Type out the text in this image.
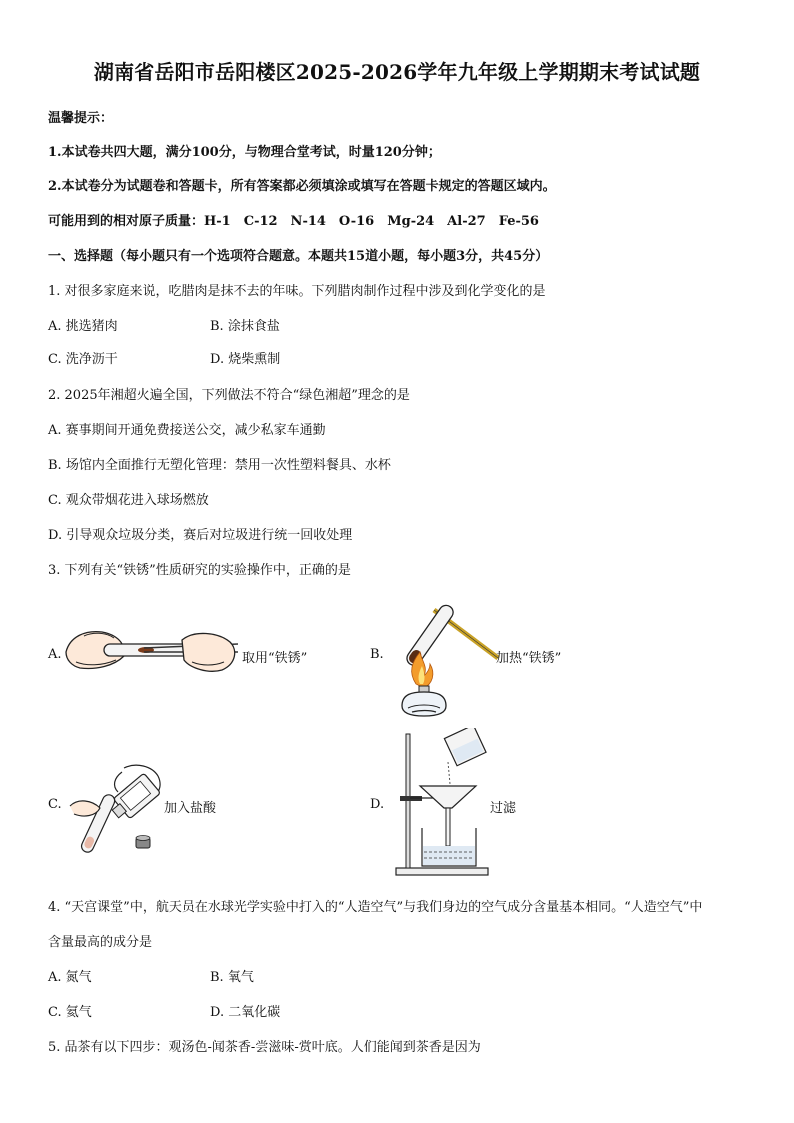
湖南省岳阳市岳阳楼区2025-2026学年九年级上学期期末考试试题
温馨提示：
1.本试卷共四大题，满分100分，与物理合堂考试，时量120分钟；
2.本试卷分为试题卷和答题卡，所有答案都必须填涂或填写在答题卡规定的答题区域内。
可能用到的相对原子质量：H-1　C-12　N-14　O-16　Mg-24　Al-27　Fe-56
一、选择题（每小题只有一个选项符合题意。本题共15道小题，每小题3分，共45分）
1. 对很多家庭来说，吃腊肉是抹不去的年味。下列腊肉制作过程中涉及到化学变化的是
A. 挑选猪肉	B. 涂抹食盐
C. 洗净沥干	D. 烧柴熏制
2. 2025年湘超火遍全国，下列做法不符合“绿色湘超”理念的是
A. 赛事期间开通免费接送公交，减少私家车通勤
B. 场馆内全面推行无塑化管理：禁用一次性塑料餐具、水杯
C. 观众带烟花进入球场燃放
D. 引导观众垃圾分类，赛后对垃圾进行统一回收处理
3. 下列有关“铁锈”性质研究的实验操作中，正确的是
A.	取用“铁锈”	B.	加热“铁锈”
C.	加入盐酸	D.	过滤
4. “天宫课堂”中，航天员在水球光学实验中打入的“人造空气”与我们身边的空气成分含量基本相同。“人造空气”中
含量最高的成分是
A. 氮气	B. 氧气
C. 氦气	D. 二氧化碳
5. 品茶有以下四步：观汤色-闻茶香-尝滋味-赏叶底。人们能闻到茶香是因为
